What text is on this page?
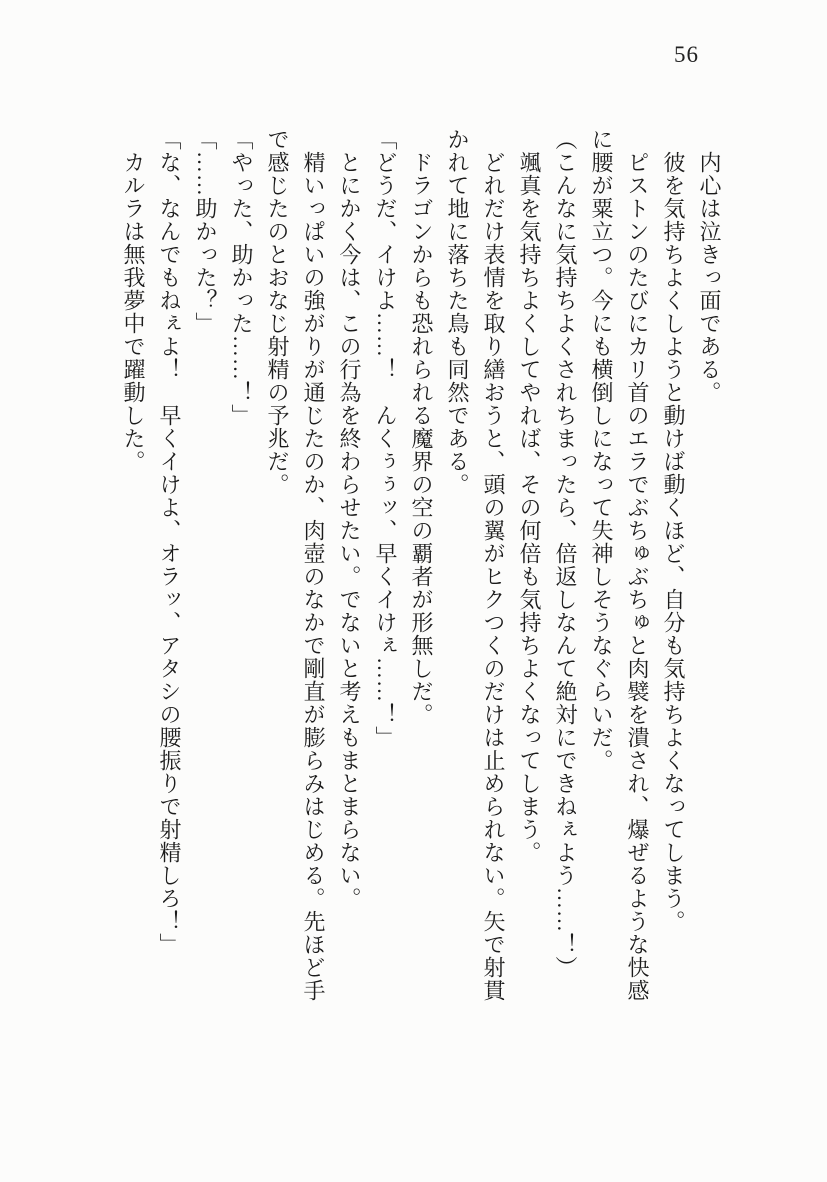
56

内心は泣きっ面である。

彼を気持ちよくしようと動けば動くほど、自分も気持ちよくなってしまう。

ピストンのたびにカリ首のエラでぶちゅぶちゅと肉襞を潰され、爆ぜるような快感に腰が粟立つ。今にも横倒しになって失神しそうなぐらいだ。

（こんなに気持ちよくされちまったら、倍返しなんて絶対にできねぇよう……！）

颯真を気持ちよくしてやれば、その何倍も気持ちよくなってしまう。

どれだけ表情を取り繕おうと、頭の翼がヒクつくのだけは止められない。矢で射貫かれて地に落ちた鳥も同然である。

ドラゴンからも恐れられる魔界の空の覇者が形無しだ。

「どうだ、イけよ……！　んくぅぅッ、早くイけぇ……！」

とにかく今は、この行為を終わらせたい。でないと考えもまとまらない。

精いっぱいの強がりが通じたのか、肉壺のなかで剛直が膨らみはじめる。先ほど手で感じたのとおなじ射精の予兆だ。

「やった、助かった……！」

「……助かった？」

「な、なんでもねぇよ！　早くイけよ、オラッ、アタシの腰振りで射精しろ！」

カルラは無我夢中で躍動した。
